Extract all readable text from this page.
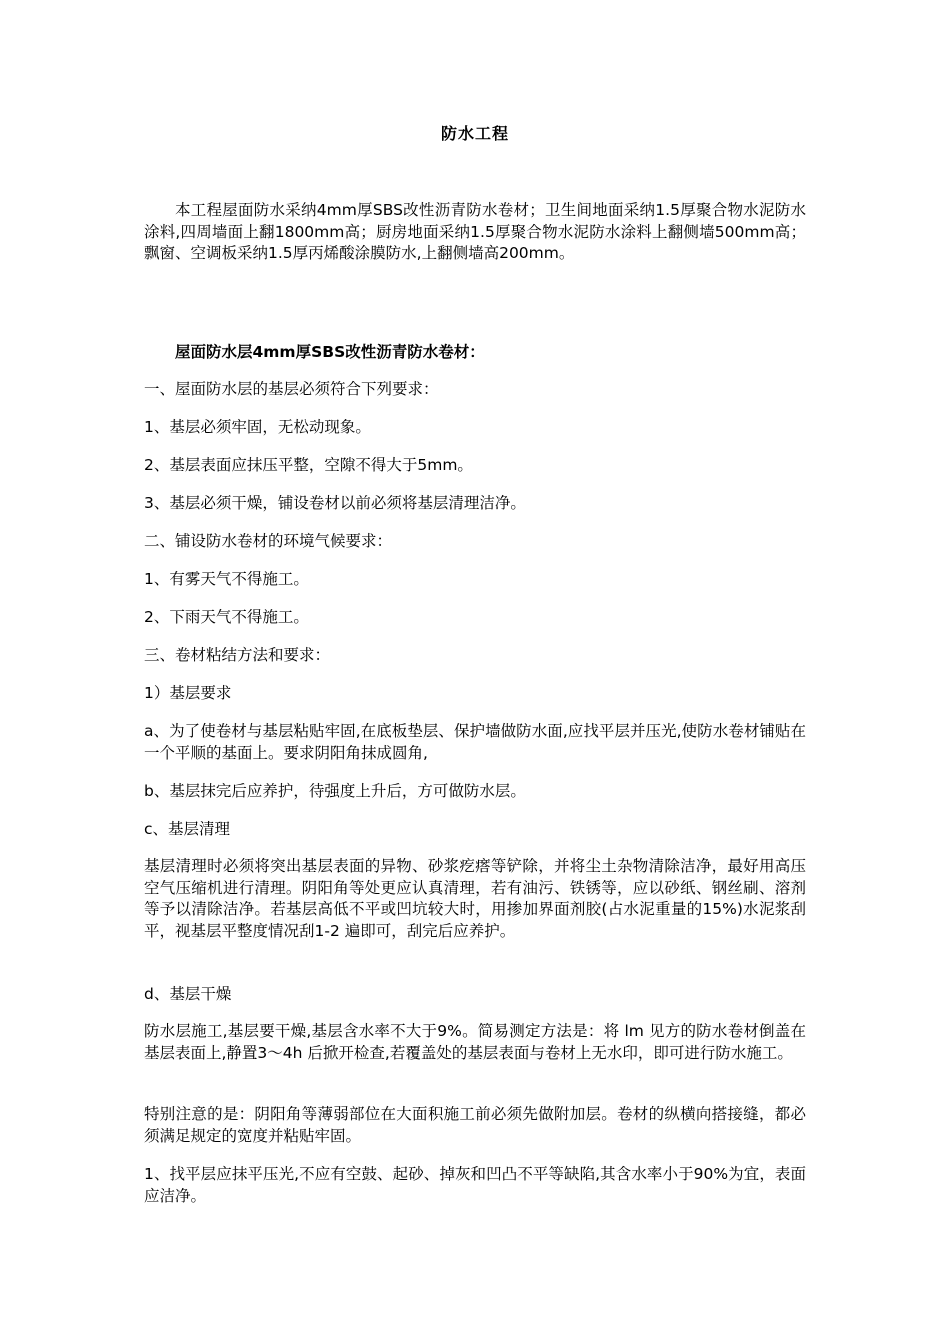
防水工程

本工程屋面防水采纳4mm厚SBS改性沥青防水卷材；卫生间地面采纳1.5厚聚合物水泥防水涂料,四周墙面上翻1800mm高；厨房地面采纳1.5厚聚合物水泥防水涂料上翻侧墙500mm高；飘窗、空调板采纳1.5厚丙烯酸涂膜防水,上翻侧墙高200mm。

屋面防水层4mm厚SBS改性沥青防水卷材：

一、屋面防水层的基层必须符合下列要求：

1、基层必须牢固，无松动现象。

2、基层表面应抹压平整，空隙不得大于5mm。

3、基层必须干燥，铺设卷材以前必须将基层清理洁净。

二、铺设防水卷材的环境气候要求：

1、有雾天气不得施工。

2、下雨天气不得施工。

三、卷材粘结方法和要求：

1）基层要求

a、为了使卷材与基层粘贴牢固,在底板垫层、保护墙做防水面,应找平层并压光,使防水卷材铺贴在一个平顺的基面上。要求阴阳角抹成圆角,

b、基层抹完后应养护，待强度上升后，方可做防水层。

c、基层清理

基层清理时必须将突出基层表面的异物、砂浆疙瘩等铲除，并将尘土杂物清除洁净，最好用高压空气压缩机进行清理。阴阳角等处更应认真清理，若有油污、铁锈等，应以砂纸、钢丝刷、溶剂等予以清除洁净。若基层高低不平或凹坑较大时，用掺加界面剂胶(占水泥重量的15%)水泥浆刮平，视基层平整度情况刮1-2 遍即可，刮完后应养护。

d、基层干燥

防水层施工,基层要干燥,基层含水率不大于9%。简易测定方法是：将 lm 见方的防水卷材倒盖在基层表面上,静置3～4h 后掀开检查,若覆盖处的基层表面与卷材上无水印，即可进行防水施工。

特别注意的是：阴阳角等薄弱部位在大面积施工前必须先做附加层。卷材的纵横向搭接缝，都必须满足规定的宽度并粘贴牢固。

1、找平层应抹平压光,不应有空鼓、起砂、掉灰和凹凸不平等缺陷,其含水率小于90%为宜，表面应洁净。
